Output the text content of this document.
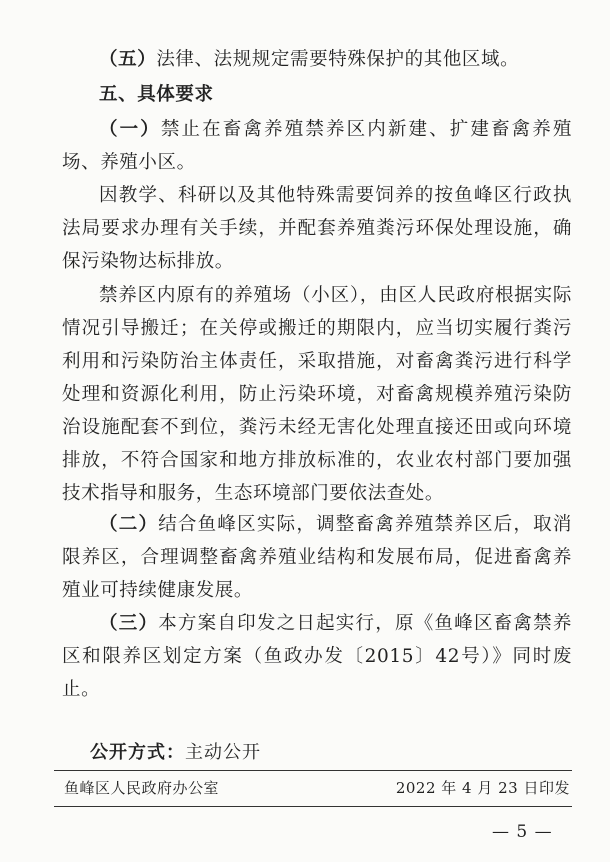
（五）法律、法规规定需要特殊保护的其他区域。

五、具体要求

（一）禁止在畜禽养殖禁养区内新建、扩建畜禽养殖场、养殖小区。

因教学、科研以及其他特殊需要饲养的按鱼峰区行政执法局要求办理有关手续，并配套养殖粪污环保处理设施，确保污染物达标排放。

禁养区内原有的养殖场（小区），由区人民政府根据实际情况引导搬迁；在关停或搬迁的期限内，应当切实履行粪污利用和污染防治主体责任，采取措施，对畜禽粪污进行科学处理和资源化利用，防止污染环境，对畜禽规模养殖污染防治设施配套不到位，粪污未经无害化处理直接还田或向环境排放，不符合国家和地方排放标准的，农业农村部门要加强技术指导和服务，生态环境部门要依法查处。

（二）结合鱼峰区实际，调整畜禽养殖禁养区后，取消限养区，合理调整畜禽养殖业结构和发展布局，促进畜禽养殖业可持续健康发展。

（三）本方案自印发之日起实行，原《鱼峰区畜禽禁养区和限养区划定方案（鱼政办发〔2015〕42号）》同时废止。

公开方式：主动公开
鱼峰区人民政府办公室	2022 年 4 月 23 日印发
— 5 —
